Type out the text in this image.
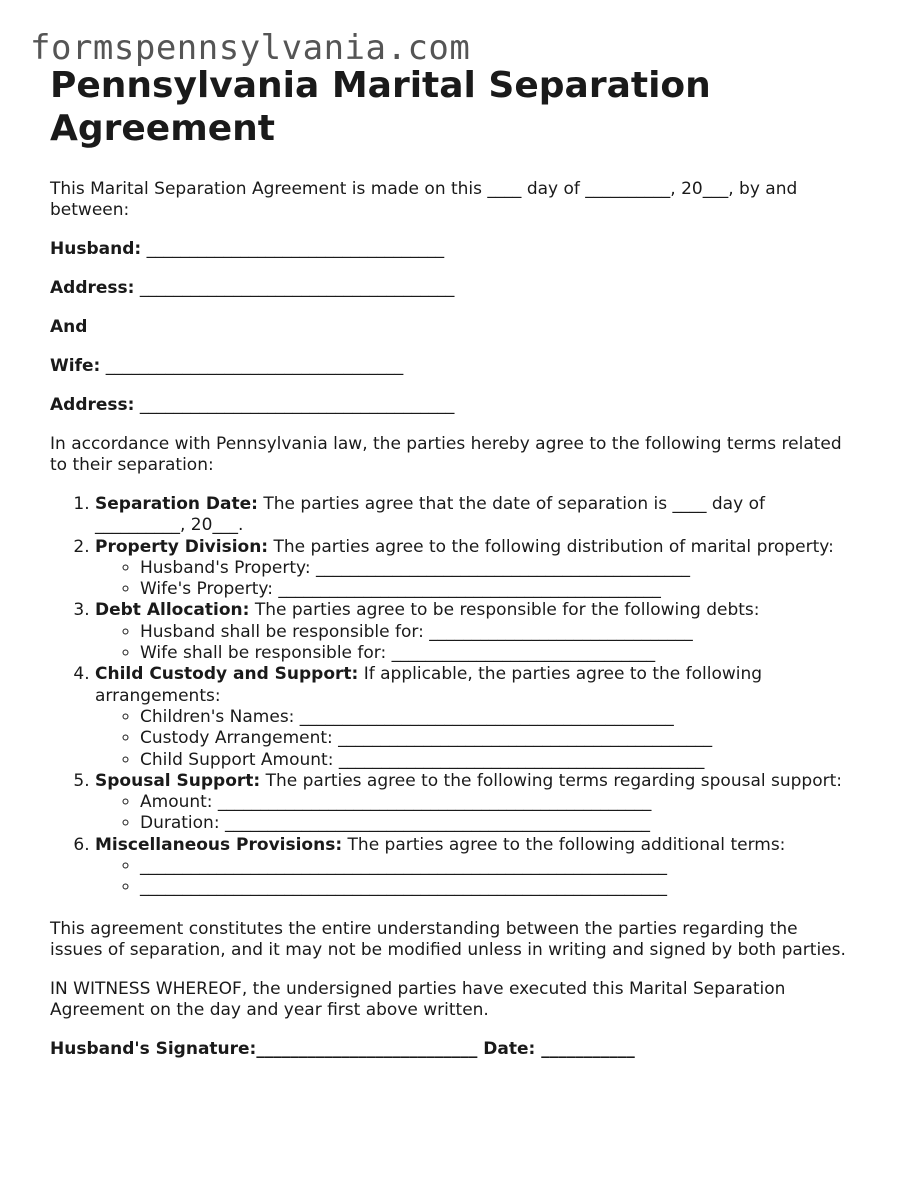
formspennsylvania.com
Pennsylvania Marital Separation Agreement

This Marital Separation Agreement is made on this ____ day of __________, 20___, by and between:

Husband: ___________________________________

Address: _____________________________________

And

Wife: ___________________________________

Address: _____________________________________

In accordance with Pennsylvania law, the parties hereby agree to the following terms related to their separation:

1. Separation Date: The parties agree that the date of separation is ____ day of __________, 20___.
2. Property Division: The parties agree to the following distribution of marital property:
◦ Husband's Property: ____________________________________________
◦ Wife's Property: _____________________________________________
3. Debt Allocation: The parties agree to be responsible for the following debts:
◦ Husband shall be responsible for: _______________________________
◦ Wife shall be responsible for: _______________________________
4. Child Custody and Support: If applicable, the parties agree to the following arrangements:
◦ Children's Names: ____________________________________________
◦ Custody Arrangement: ____________________________________________
◦ Child Support Amount: ___________________________________________
5. Spousal Support: The parties agree to the following terms regarding spousal support:
◦ Amount: ___________________________________________________
◦ Duration: __________________________________________________
6. Miscellaneous Provisions: The parties agree to the following additional terms:
◦ ______________________________________________________________
◦ ______________________________________________________________

This agreement constitutes the entire understanding between the parties regarding the issues of separation, and it may not be modified unless in writing and signed by both parties.

IN WITNESS WHEREOF, the undersigned parties have executed this Marital Separation Agreement on the day and year first above written.

Husband's Signature:__________________________ Date: ___________
